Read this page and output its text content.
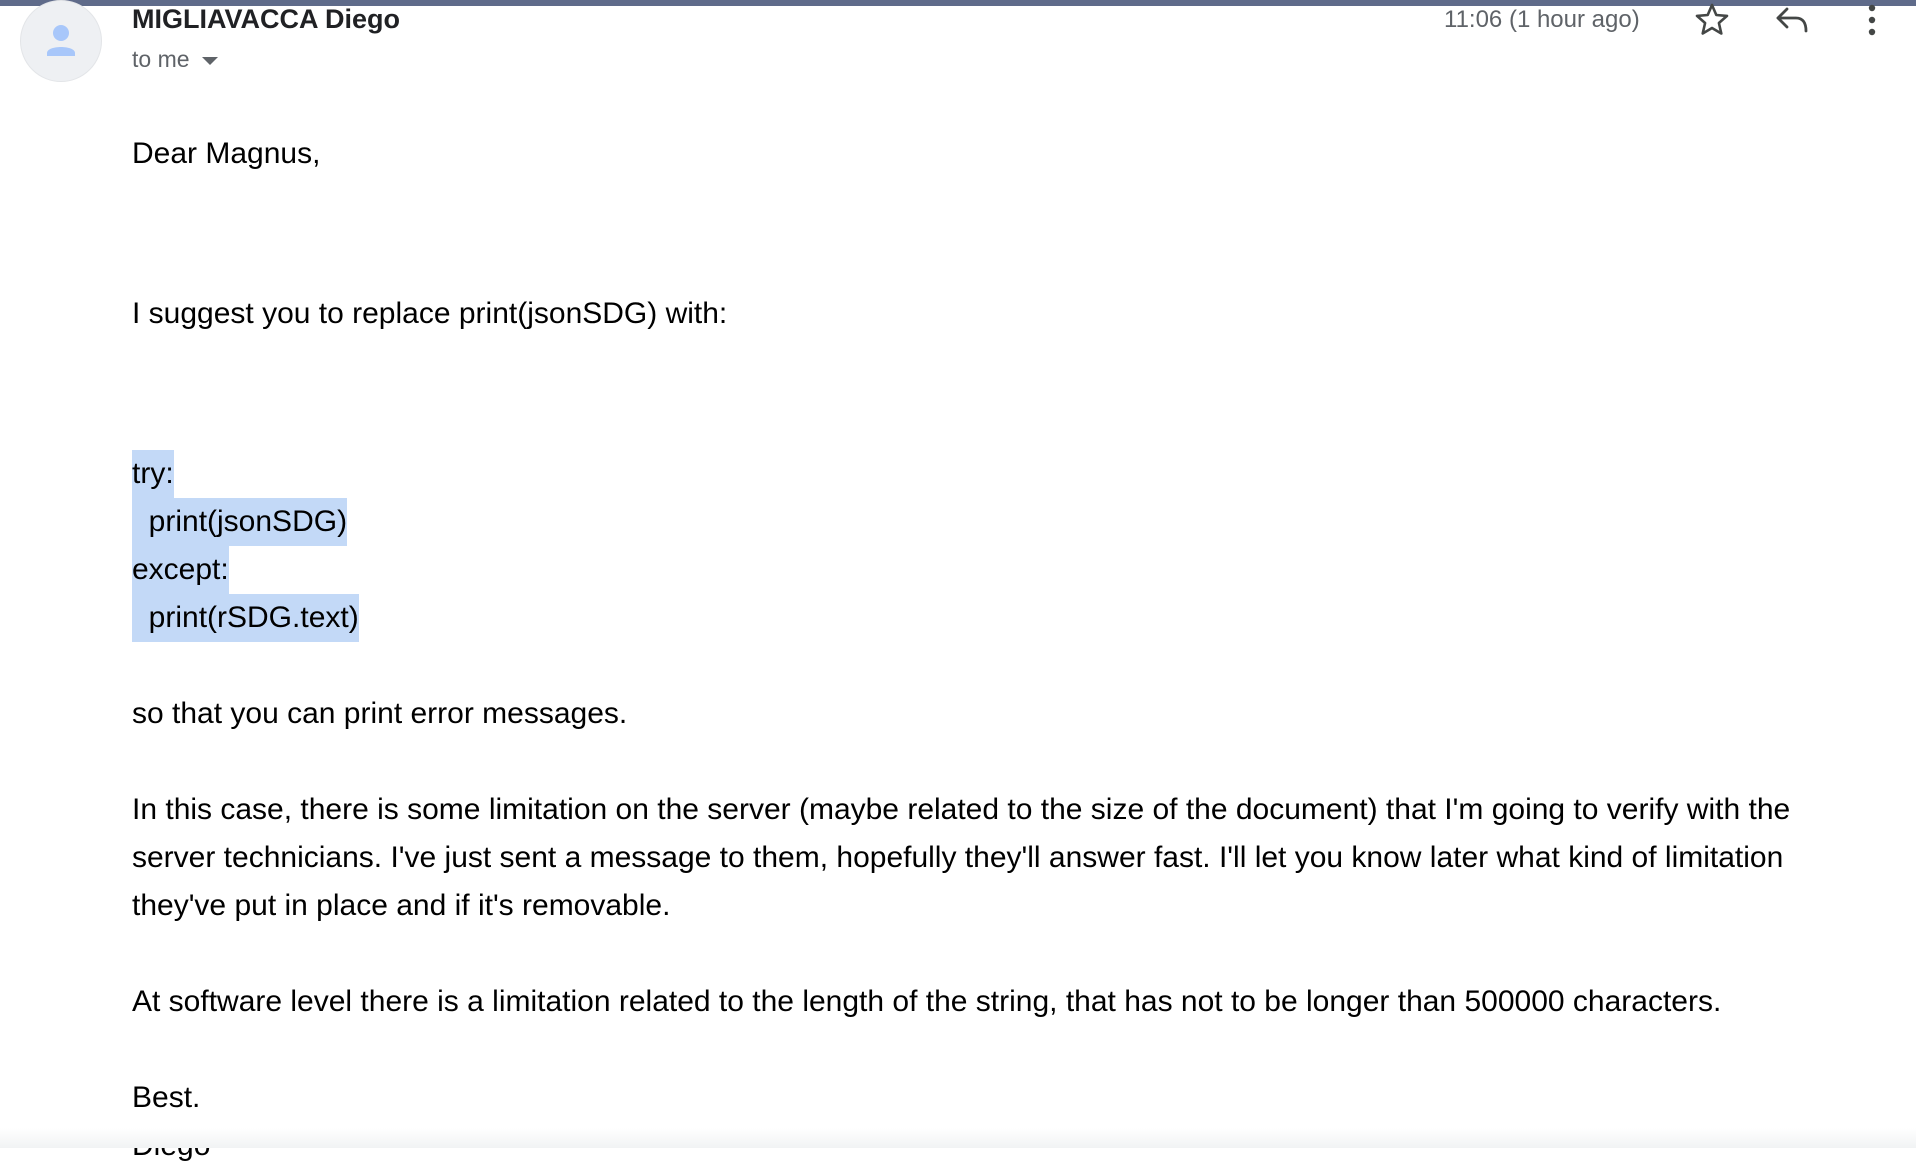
MIGLIAVACCA Diego
to me
11:06 (1 hour ago)

Dear Magnus,

I suggest you to replace print(jsonSDG) with:

try:
print(jsonSDG)
except:
print(rSDG.text)

so that you can print error messages.

In this case, there is some limitation on the server (maybe related to the size of the document) that I'm going to verify with the server technicians. I've just sent a message to them, hopefully they'll answer fast. I'll let you know later what kind of limitation they've put in place and if it's removable.

At software level there is a limitation related to the length of the string, that has not to be longer than 500000 characters.

Best.
